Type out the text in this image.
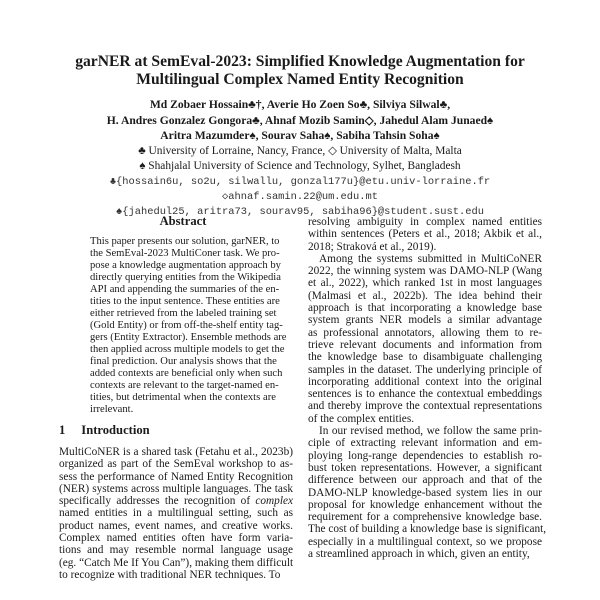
garNER at SemEval-2023: Simplified Knowledge Augmentation for
Multilingual Complex Named Entity Recognition
Md Zobaer Hossain♣†, Averie Ho Zoen So♣, Silviya Silwal♣,
H. Andres Gonzalez Gongora♣, Ahnaf Mozib Samin◇, Jahedul Alam Junaed♠
Aritra Mazumder♠, Sourav Saha♠, Sabiha Tahsin Soha♠
♣ University of Lorraine, Nancy, France, ◇ University of Malta, Malta
♠ Shahjalal University of Science and Technology, Sylhet, Bangladesh
♣{hossain6u, so2u, silwallu, gonzal177u}@etu.univ-lorraine.fr
◇ahnaf.samin.22@um.edu.mt
♠{jahedul25, aritra73, sourav95, sabiha96}@student.sust.edu
Abstract
This paper presents our solution, garNER, to
the SemEval-2023 MultiConer task. We pro-
pose a knowledge augmentation approach by
directly querying entities from the Wikipedia
API and appending the summaries of the en-
tities to the input sentence. These entities are
either retrieved from the labeled training set
(Gold Entity) or from off-the-shelf entity tag-
gers (Entity Extractor). Ensemble methods are
then applied across multiple models to get the
final prediction. Our analysis shows that the
added contexts are beneficial only when such
contexts are relevant to the target-named en-
tities, but detrimental when the contexts are
irrelevant.
1 Introduction
MultiCoNER is a shared task (Fetahu et al., 2023b)
organized as part of the SemEval workshop to as-
sess the performance of Named Entity Recognition
(NER) systems across multiple languages. The task
specifically addresses the recognition of complex
named entities in a multilingual setting, such as
product names, event names, and creative works.
Complex named entities often have form varia-
tions and may resemble normal language usage
(eg. “Catch Me If You Can”), making them difficult
to recognize with traditional NER techniques. To
resolving ambiguity in complex named entities
within sentences (Peters et al., 2018; Akbik et al.,
2018; Straková et al., 2019).
Among the systems submitted in MultiCoNER
2022, the winning system was DAMO-NLP (Wang
et al., 2022), which ranked 1st in most languages
(Malmasi et al., 2022b). The idea behind their
approach is that incorporating a knowledge base
system grants NER models a similar advantage
as professional annotators, allowing them to re-
trieve relevant documents and information from
the knowledge base to disambiguate challenging
samples in the dataset. The underlying principle of
incorporating additional context into the original
sentences is to enhance the contextual embeddings
and thereby improve the contextual representations
of the complex entities.
In our revised method, we follow the same prin-
ciple of extracting relevant information and em-
ploying long-range dependencies to establish ro-
bust token representations. However, a significant
difference between our approach and that of the
DAMO-NLP knowledge-based system lies in our
proposal for knowledge enhancement without the
requirement for a comprehensive knowledge base.
The cost of building a knowledge base is significant,
especially in a multilingual context, so we propose
a streamlined approach in which, given an entity,
